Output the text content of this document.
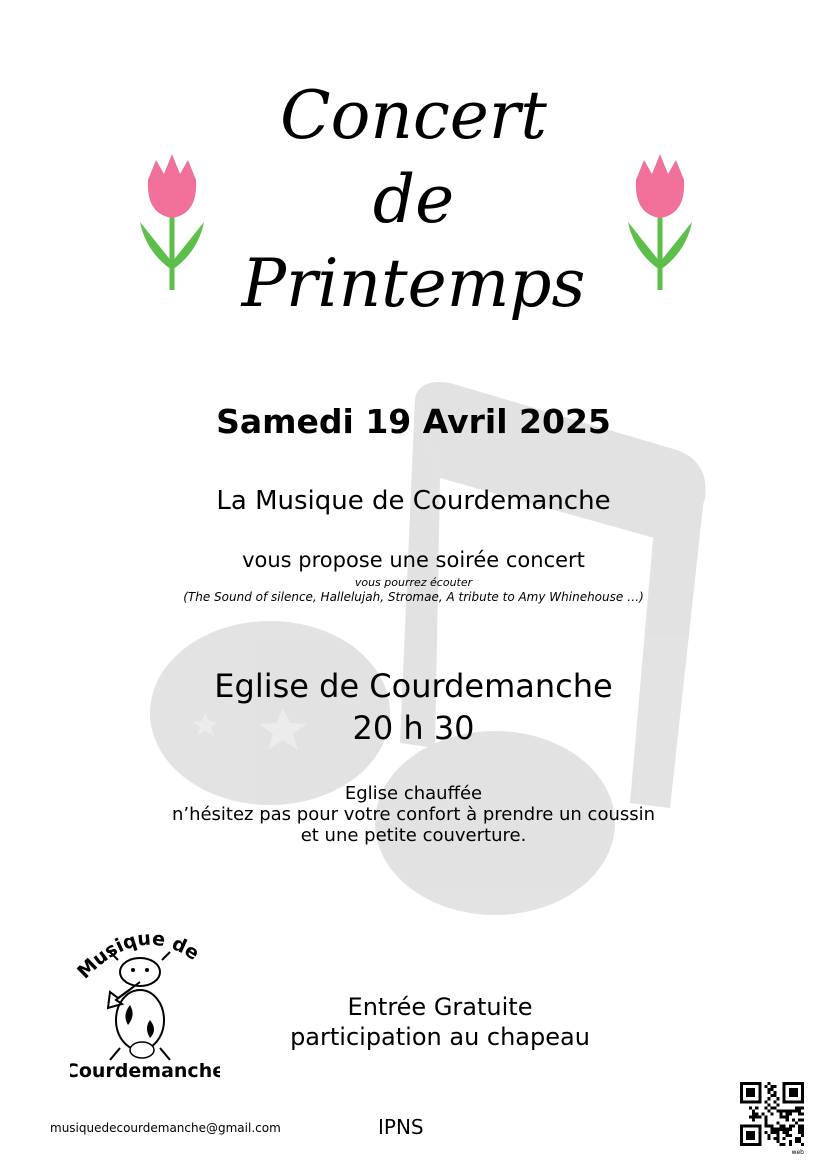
Concert
de
Printemps
Samedi 19 Avril 2025
La Musique de Courdemanche
vous propose une soirée concert
vous pourrez écouter
(The Sound of silence, Hallelujah, Stromae, A tribute to Amy Whinehouse …)
Eglise de Courdemanche
20 h 30
Eglise chauffée
n’hésitez pas pour votre confort à prendre un coussin
et une petite couverture.
Musique de
Courdemanche
Entrée Gratuite
participation au chapeau
musiquedecourdemanche@gmail.com	IPNS
web
